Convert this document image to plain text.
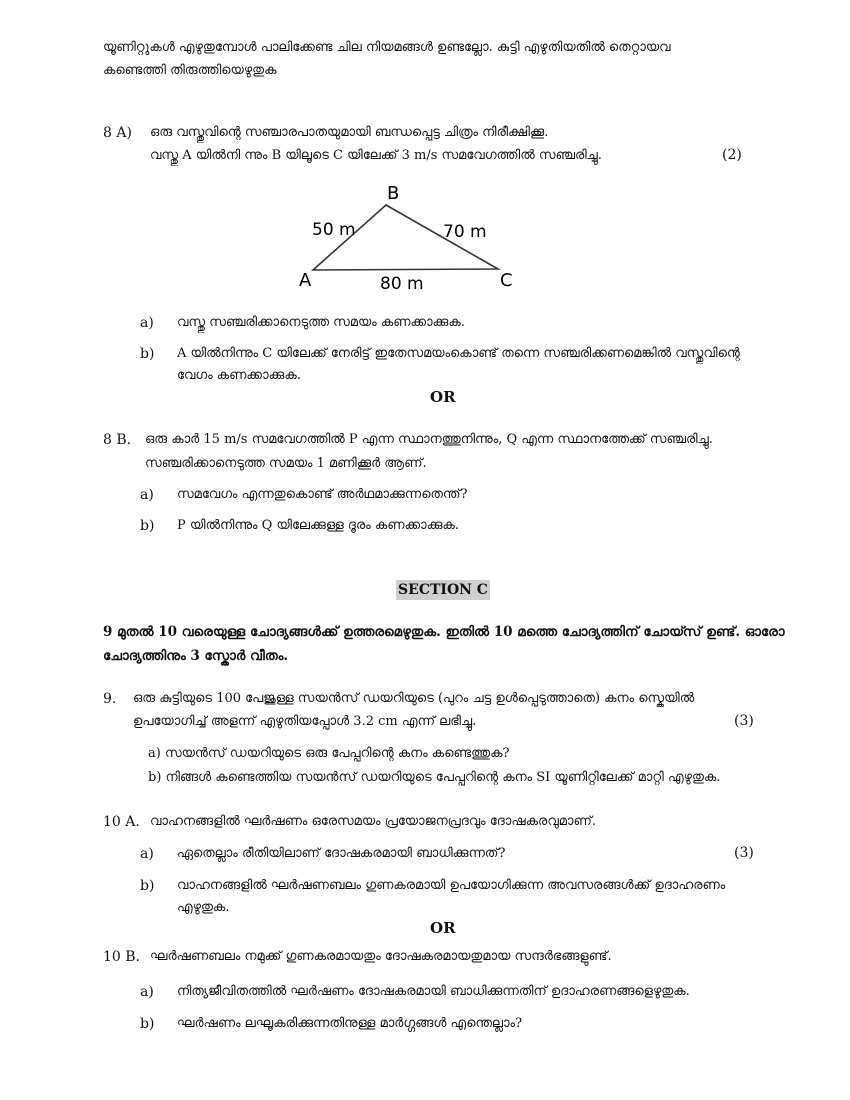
യൂണിറ്റുകൾ എഴുതുമ്പോൾ പാലിക്കേണ്ട ചില നിയമങ്ങൾ ഉണ്ടല്ലോ. കുട്ടി എഴുതിയതിൽ തെറ്റായവ
കണ്ടെത്തി തിരുത്തിയെഴുതുക
8 A) ഒരു വസ്തുവിന്റെ സഞ്ചാരപാതയുമായി ബന്ധപ്പെട്ട ചിത്രം നിരീക്ഷിക്കൂ.
വസ്തു A യിൽനി ന്നും B യിലൂടെ C യിലേക്ക് 3 m/s സമവേഗത്തിൽ സഞ്ചരിച്ചു.	(2)
B
A	C
50 m	70 m
80 m
a) വസ്തു സഞ്ചരിക്കാനെടുത്ത സമയം കണക്കാക്കുക.
b) A യിൽനിന്നും C യിലേക്ക് നേരിട്ട് ഇതേസമയംകൊണ്ട് തന്നെ സഞ്ചരിക്കണമെങ്കിൽ വസ്തുവിന്റെ
വേഗം കണക്കാക്കുക.
OR
8 B. ഒരു കാർ 15 m/s സമവേഗത്തിൽ P എന്ന സ്ഥാനത്തുനിന്നും, Q എന്ന സ്ഥാനത്തേക്ക് സഞ്ചരിച്ചു.
സഞ്ചരിക്കാനെടുത്ത സമയം 1 മണിക്കൂർ ആണ്.
a) സമവേഗം എന്നതുകൊണ്ട് അർഥമാക്കുന്നതെന്ത്?
b) P യിൽനിന്നും Q യിലേക്കുള്ള ദൂരം കണക്കാക്കുക.
SECTION C
9 മുതൽ 10 വരെയുള്ള ചോദ്യങ്ങൾക്ക് ഉത്തരമെഴുതുക. ഇതിൽ 10 മത്തെ ചോദ്യത്തിന് ചോയ്സ് ഉണ്ട്. ഓരോ
ചോദ്യത്തിനും 3 സ്കോർ വീതം.
9. ഒരു കുട്ടിയുടെ 100 പേജുള്ള സയൻസ് ഡയറിയുടെ (പുറം ചട്ട ഉൾപ്പെടുത്താതെ) കനം സ്കെയിൽ
ഉപയോഗിച്ച് അളന്ന് എഴുതിയപ്പോൾ 3.2 cm എന്ന് ലഭിച്ചു.	(3)
a) സയൻസ് ഡയറിയുടെ ഒരു പേപ്പറിന്റെ കനം കണ്ടെത്തുക?
b) നിങ്ങൾ കണ്ടെത്തിയ സയൻസ് ഡയറിയുടെ പേപ്പറിന്റെ കനം SI യൂണിറ്റിലേക്ക് മാറ്റി എഴുതുക.
10 A. വാഹനങ്ങളിൽ ഘർഷണം ഒരേസമയം പ്രയോജനപ്രദവും ദോഷകരവുമാണ്.
a) ഏതെല്ലാം രീതിയിലാണ് ദോഷകരമായി ബാധിക്കുന്നത്?	(3)
b) വാഹനങ്ങളിൽ ഘർഷണബലം ഗുണകരമായി ഉപയോഗിക്കുന്ന അവസരങ്ങൾക്ക് ഉദാഹരണം
എഴുതുക.
OR
10 B. ഘർഷണബലം നമുക്ക് ഗുണകരമായതും ദോഷകരമായതുമായ സന്ദർഭങ്ങളുണ്ട്.
a) നിത്യജീവിതത്തിൽ ഘർഷണം ദോഷകരമായി ബാധിക്കുന്നതിന് ഉദാഹരണങ്ങളെഴുതുക.
b) ഘർഷണം ലഘൂകരിക്കുന്നതിനുള്ള മാർഗ്ഗങ്ങൾ എന്തെല്ലാം?
